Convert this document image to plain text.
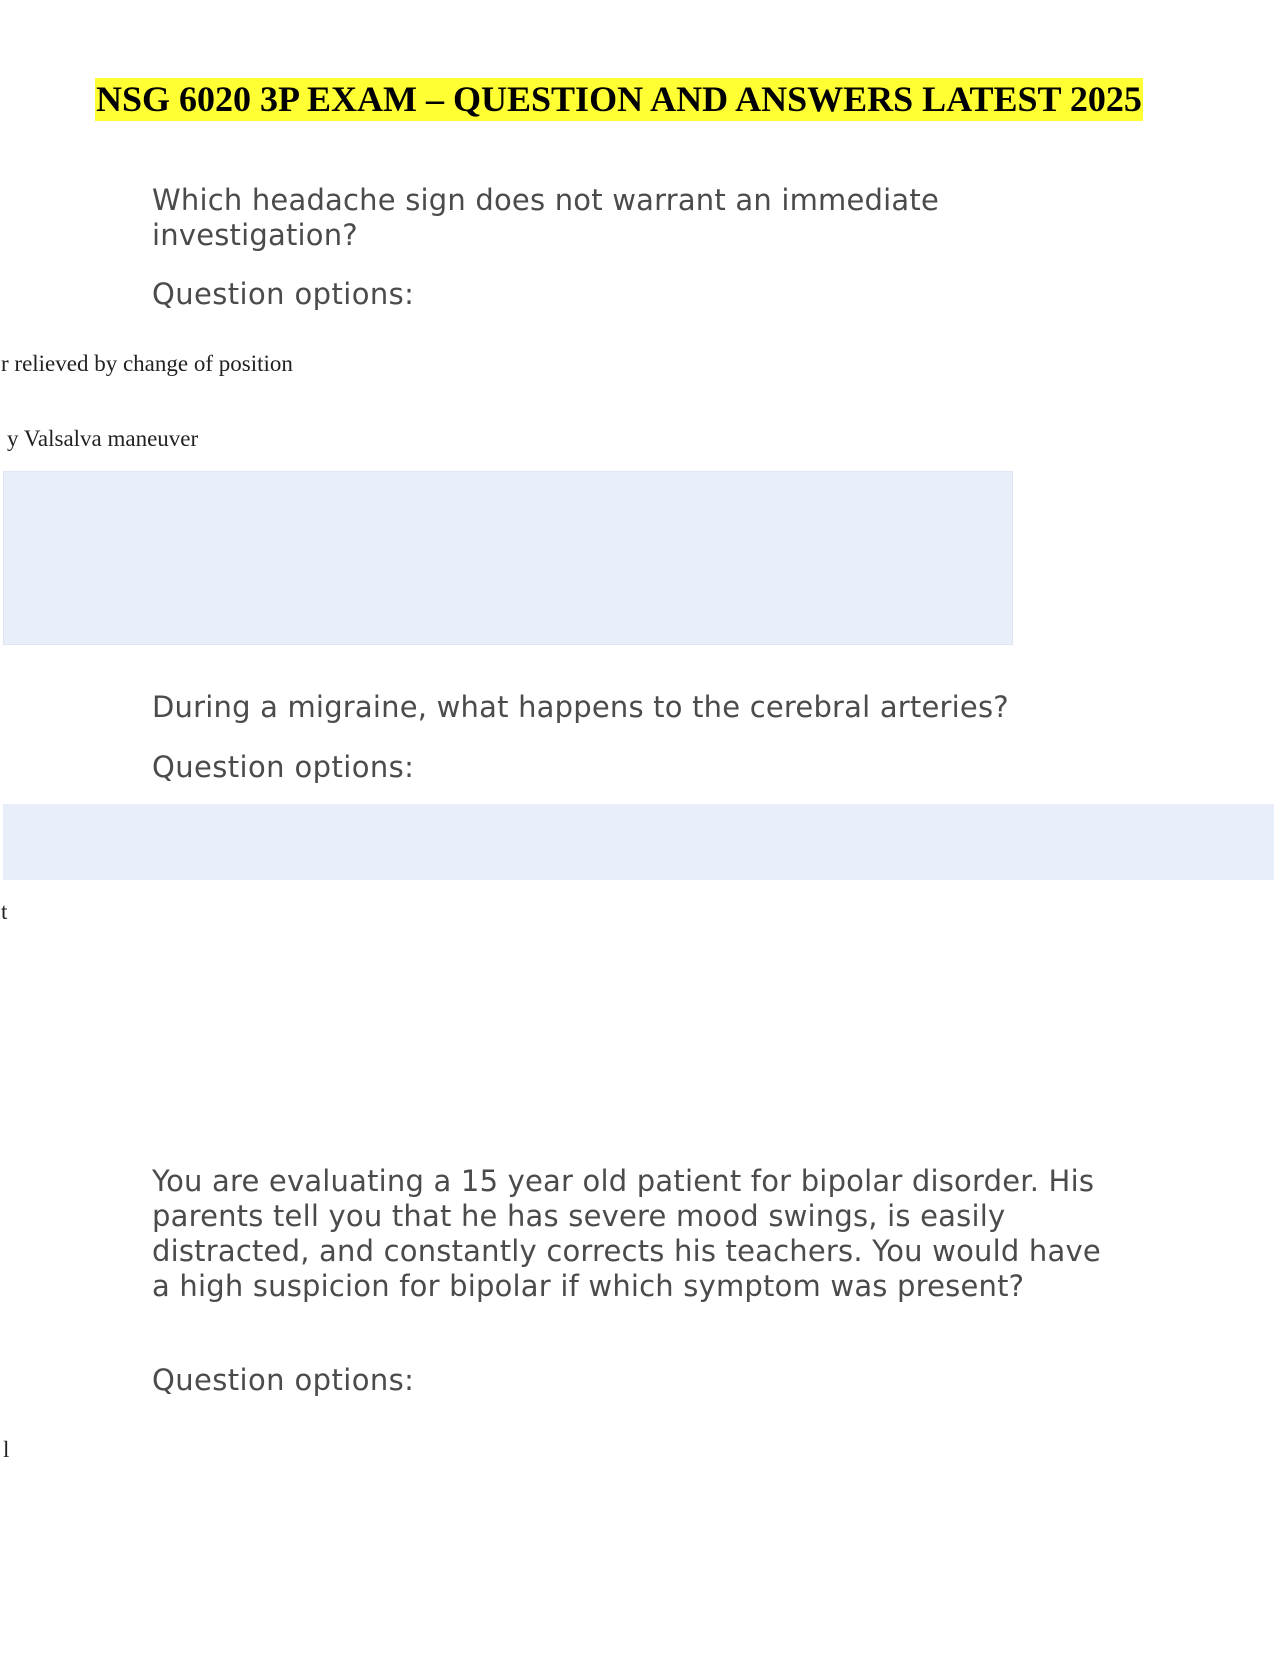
NSG 6020 3P EXAM – QUESTION AND ANSWERS LATEST 2025
Which headache sign does not warrant an immediate investigation?
Question options:
r relieved by change of position
y Valsalva maneuver
During a migraine, what happens to the cerebral arteries?
Question options:
t
You are evaluating a 15 year old patient for bipolar disorder. His parents tell you that he has severe mood swings, is easily distracted, and constantly corrects his teachers. You would have a high suspicion for bipolar if which symptom was present?
Question options:
l
